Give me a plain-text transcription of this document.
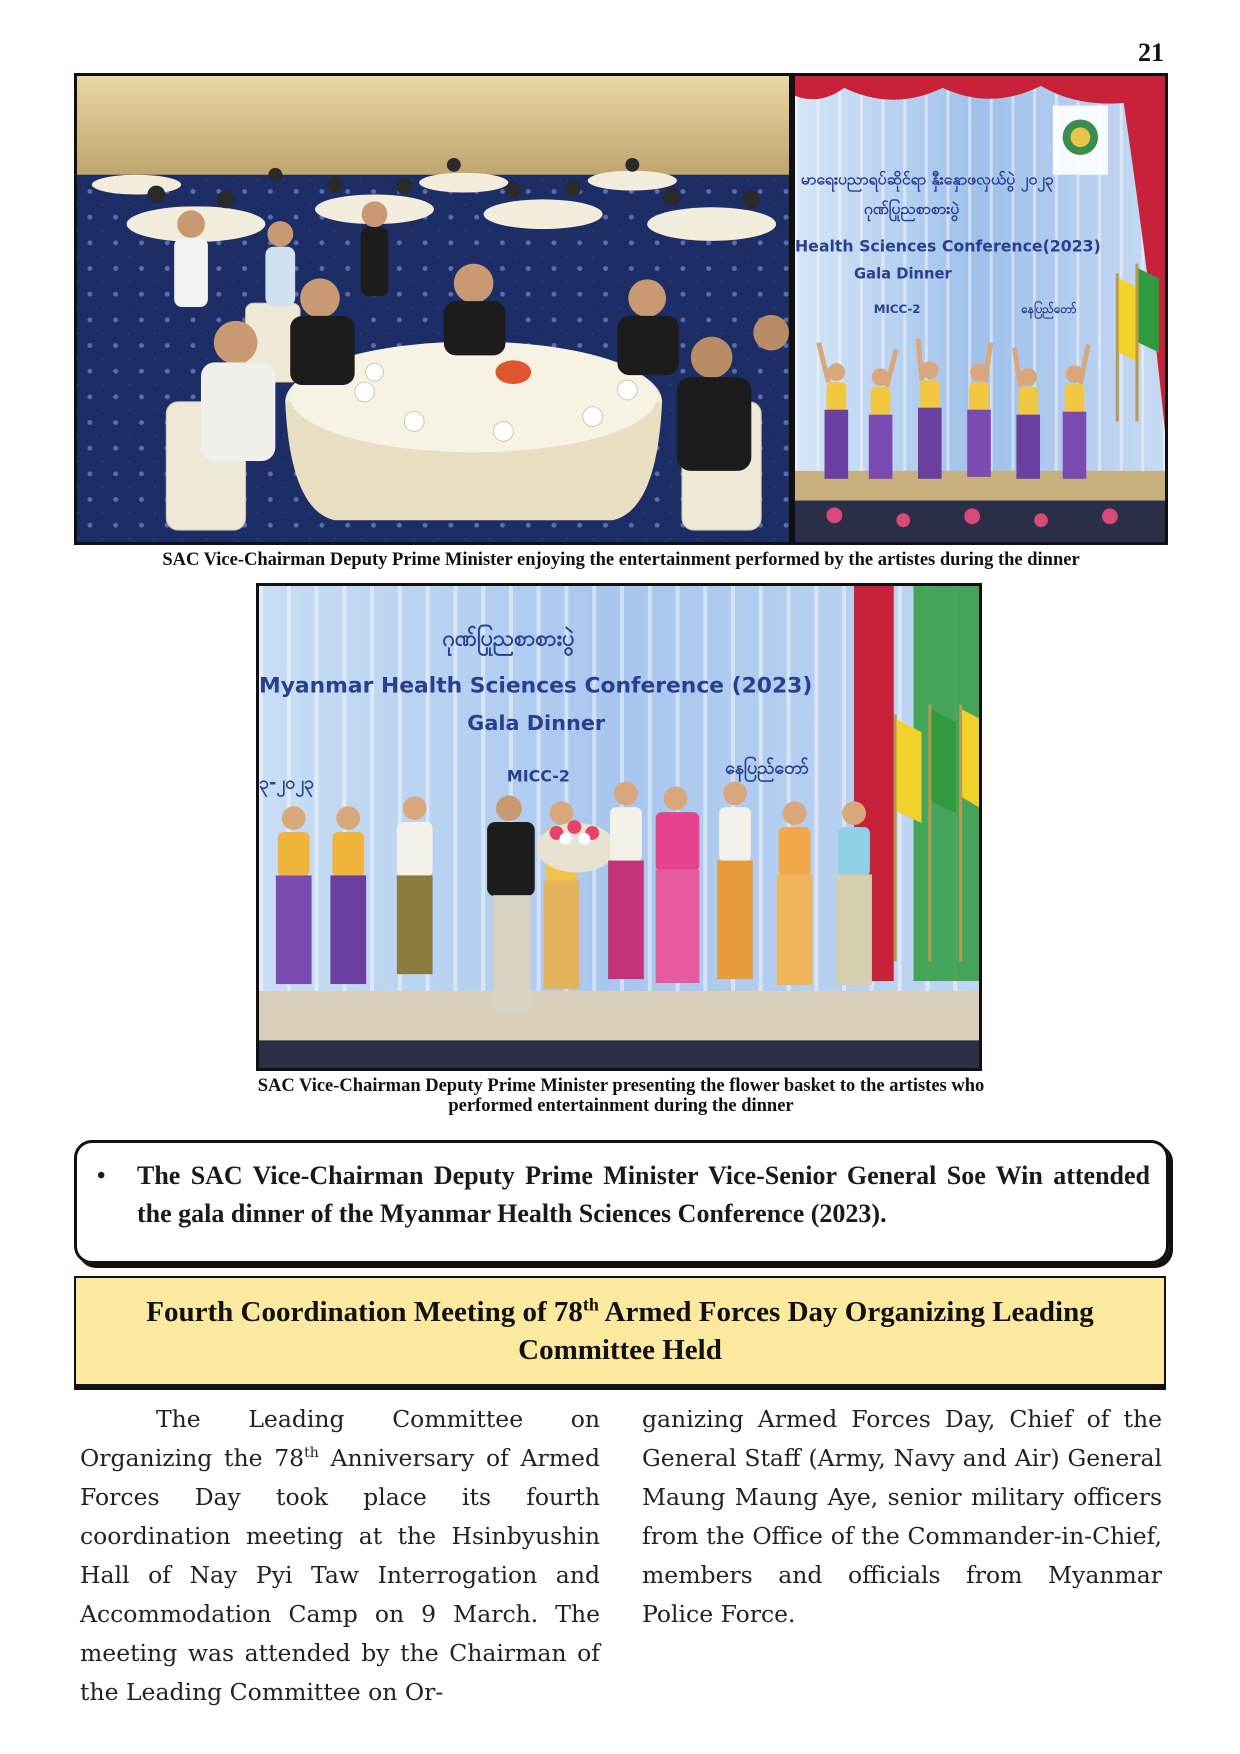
21
မာရေးပညာရပ်ဆိုင်ရာ နှီးနှောဖလှယ်ပွဲ ၂၀၂၃
ဂုဏ်ပြုညစာစားပွဲ
Health Sciences Conference(2023)
Gala Dinner
MICC-2	နေပြည်တော်
SAC Vice-Chairman Deputy Prime Minister enjoying the entertainment performed by the artistes during the dinner
ဂုဏ်ပြုညစာစားပွဲ
Myanmar Health Sciences Conference (2023)
Gala Dinner
MICC-2	နေပြည်တော်
၃-၂၀၂၃
SAC Vice-Chairman Deputy Prime Minister presenting the flower basket to the artistes who
performed entertainment during the dinner
• The SAC Vice-Chairman Deputy Prime Minister Vice-Senior General Soe Win attended the gala dinner of the Myanmar Health Sciences Conference (2023).
Fourth Coordination Meeting of 78th Armed Forces Day Organizing Leading Committee Held

The Leading Committee on Organizing the 78th Anniversary of Armed Forces Day took place its fourth coordination meeting at the Hsinbyushin Hall of Nay Pyi Taw Interrogation and Accommodation Camp on 9 March. The meeting was attended by the Chairman of the Leading Committee on Or-

ganizing Armed Forces Day, Chief of the General Staff (Army, Navy and Air) General Maung Maung Aye, senior military officers from the Office of the Commander-in-Chief, members and officials from Myanmar Police Force.
